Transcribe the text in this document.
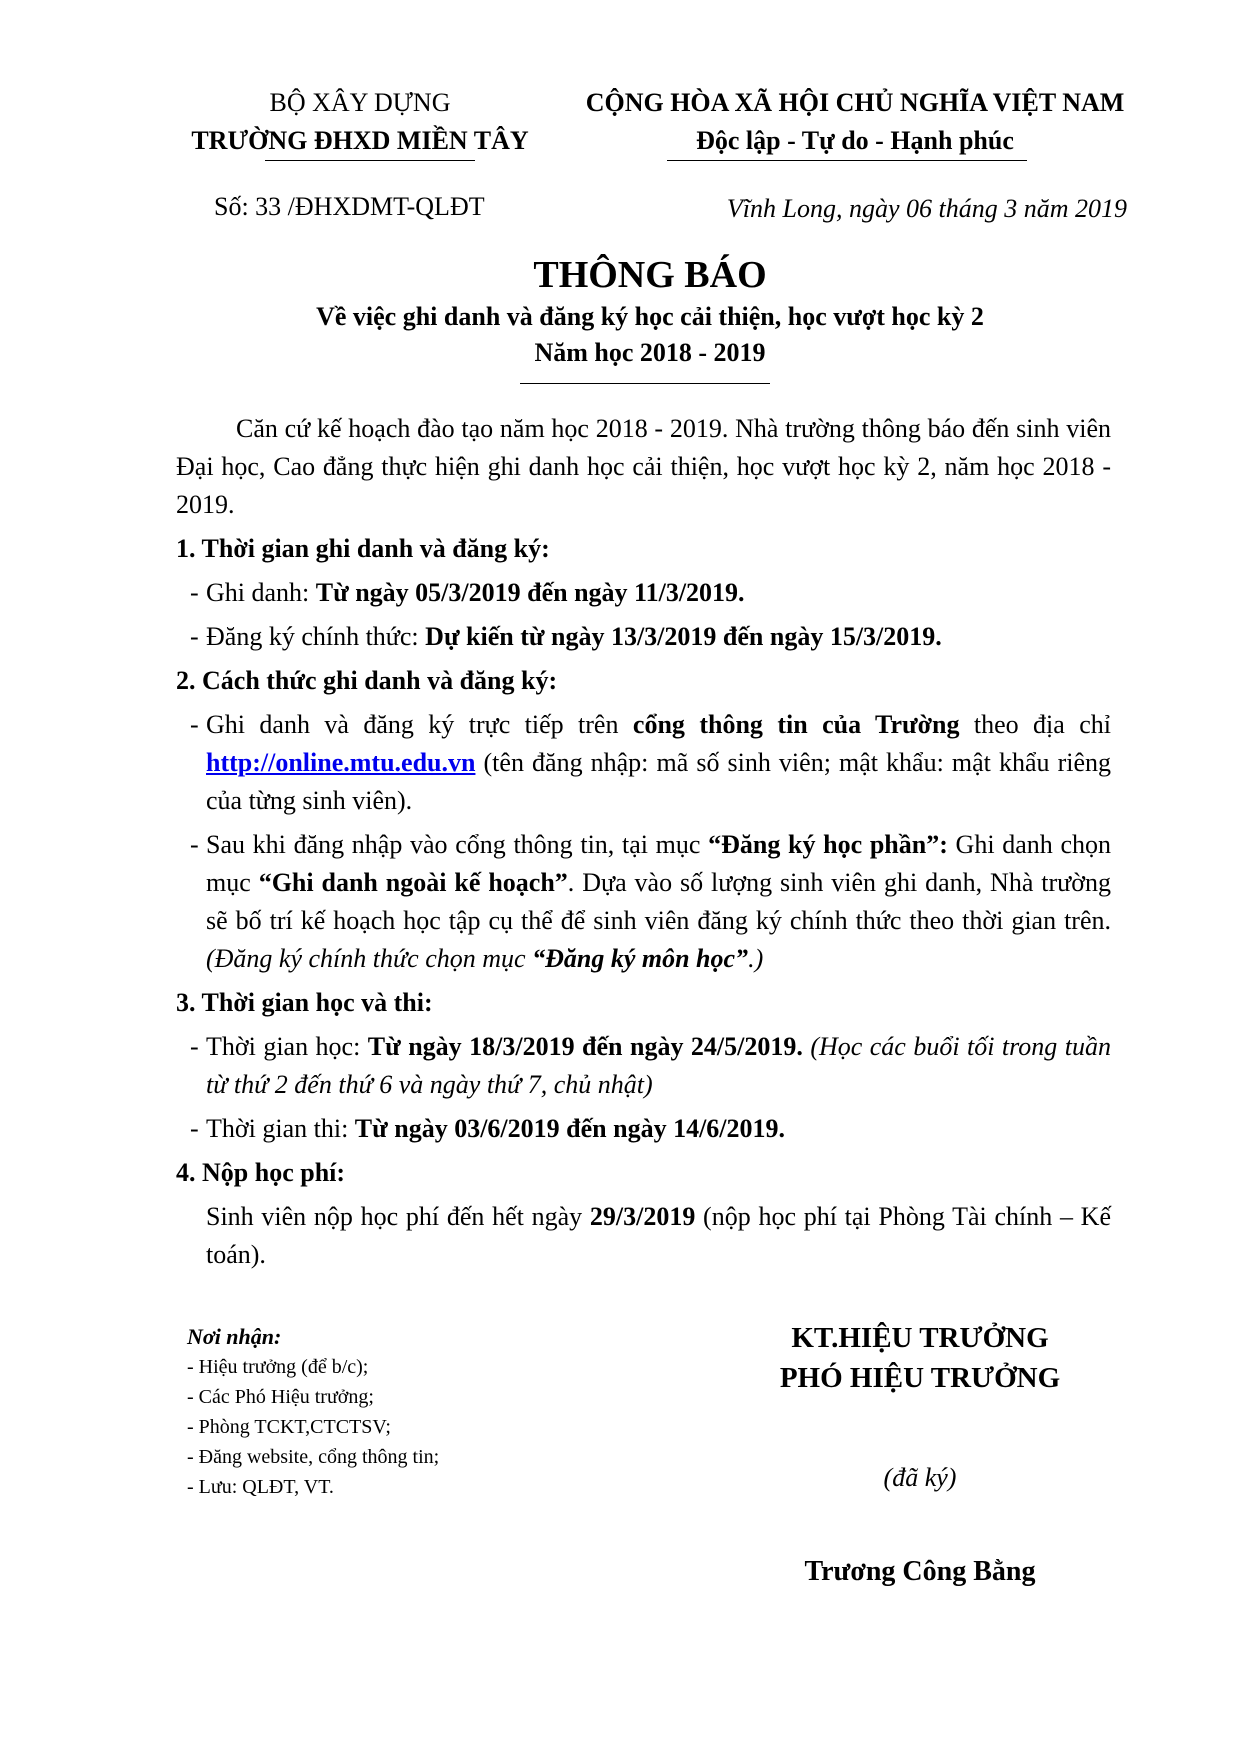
BỘ XÂY DỰNG
TRƯỜNG ĐHXD MIỀN TÂY
CỘNG HÒA XÃ HỘI CHỦ NGHĨA VIỆT NAM
Độc lập - Tự do - Hạnh phúc
Số: 33 /ĐHXDMT-QLĐT	Vĩnh Long, ngày 06 tháng 3 năm 2019
THÔNG BÁO
Về việc ghi danh và đăng ký học cải thiện, học vượt học kỳ 2
Năm học 2018 - 2019
Căn cứ kế hoạch đào tạo năm học 2018 - 2019. Nhà trường thông báo đến sinh viên Đại học, Cao đẳng thực hiện ghi danh học cải thiện, học vượt học kỳ 2, năm học 2018 - 2019.
1. Thời gian ghi danh và đăng ký:
- Ghi danh: Từ ngày 05/3/2019 đến ngày 11/3/2019.
- Đăng ký chính thức: Dự kiến từ ngày 13/3/2019 đến ngày 15/3/2019.
2. Cách thức ghi danh và đăng ký:
- Ghi danh và đăng ký trực tiếp trên cổng thông tin của Trường theo địa chỉ http://online.mtu.edu.vn (tên đăng nhập: mã số sinh viên; mật khẩu: mật khẩu riêng của từng sinh viên).
- Sau khi đăng nhập vào cổng thông tin, tại mục “Đăng ký học phần”: Ghi danh chọn mục “Ghi danh ngoài kế hoạch”. Dựa vào số lượng sinh viên ghi danh, Nhà trường sẽ bố trí kế hoạch học tập cụ thể để sinh viên đăng ký chính thức theo thời gian trên. (Đăng ký chính thức chọn mục “Đăng ký môn học”.)
3. Thời gian học và thi:
- Thời gian học: Từ ngày 18/3/2019 đến ngày 24/5/2019. (Học các buổi tối trong tuần từ thứ 2 đến thứ 6 và ngày thứ 7, chủ nhật)
- Thời gian thi: Từ ngày 03/6/2019 đến ngày 14/6/2019.
4. Nộp học phí:
Sinh viên nộp học phí đến hết ngày 29/3/2019 (nộp học phí tại Phòng Tài chính – Kế toán).
Nơi nhận:
- Hiệu trưởng (để b/c);
- Các Phó Hiệu trưởng;
- Phòng TCKT,CTCTSV;
- Đăng website, cổng thông tin;
- Lưu: QLĐT, VT.
KT.HIỆU TRƯỞNG
PHÓ HIỆU TRƯỞNG
(đã ký)
Trương Công Bằng
